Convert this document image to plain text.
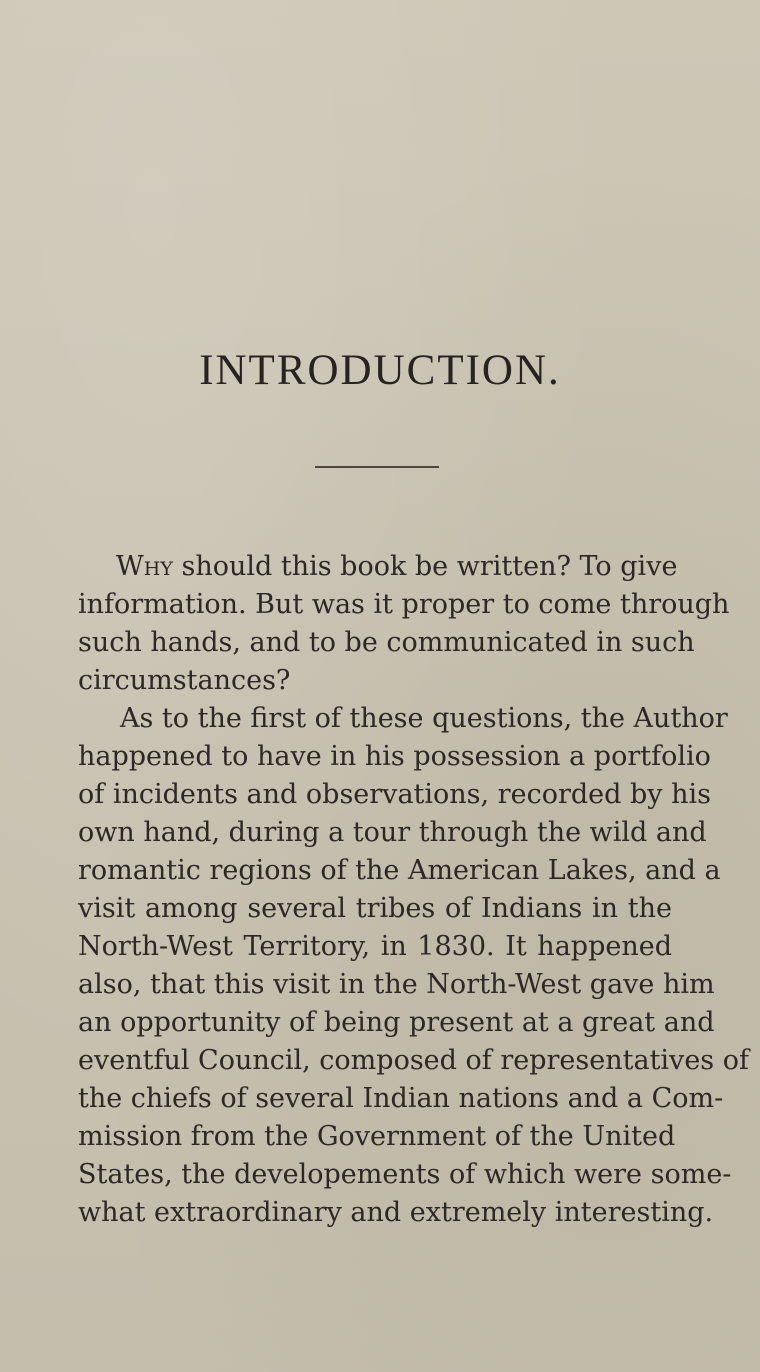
INTRODUCTION.
Why should this book be written? To give
information. But was it proper to come through
such hands, and to be communicated in such
circumstances?
As to the first of these questions, the Author
happened to have in his possession a portfolio
of incidents and observations, recorded by his
own hand, during a tour through the wild and
romantic regions of the American Lakes, and a
visit among several tribes of Indians in the
North-West Territory, in 1830. It happened
also, that this visit in the North-West gave him
an opportunity of being present at a great and
eventful Council, composed of representatives of
the chiefs of several Indian nations and a Com-
mission from the Government of the United
States, the developements of which were some-
what extraordinary and extremely interesting.
